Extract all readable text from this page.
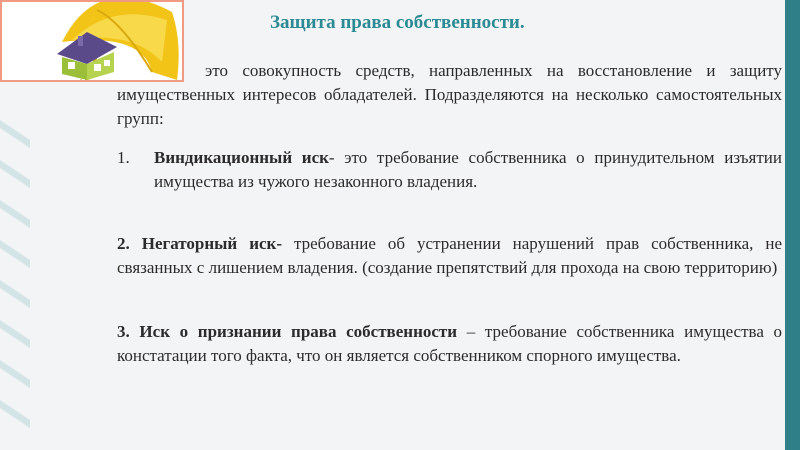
Защита права собственности.
это совокупность средств, направленных на восстановление и защиту имущественных интересов обладателей. Подразделяются на несколько самостоятельных групп:
1.	Виндикационный иск- это требование собственника о принудительном изъятии имущества из чужого незаконного владения.
2. Негаторный иск- требование об устранении нарушений прав собственника, не связанных с лишением владения. (создание препятствий для прохода на свою территорию)
3. Иск о признании права собственности – требование собственника имущества о констатации того факта, что он является собственником спорного имущества.
